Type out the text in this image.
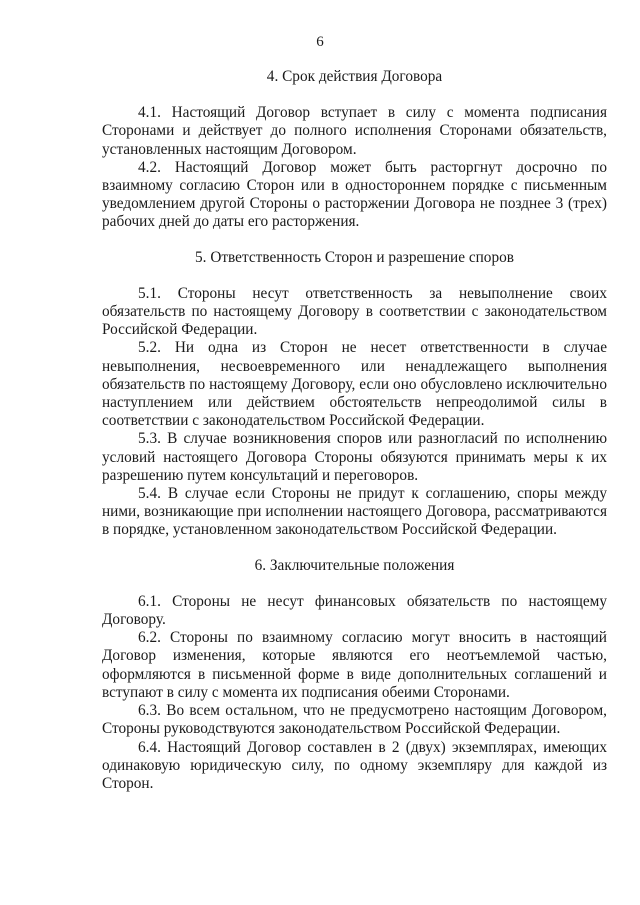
6
4. Срок действия Договора

4.1. Настоящий Договор вступает в силу с момента подписания Сторонами и действует до полного исполнения Сторонами обязательств, установленных настоящим Договором.

4.2. Настоящий Договор может быть расторгнут досрочно по взаимному согласию Сторон или в одностороннем порядке с письменным уведомлением другой Стороны о расторжении Договора не позднее 3 (трех) рабочих дней до даты его расторжения.

5. Ответственность Сторон и разрешение споров

5.1. Стороны несут ответственность за невыполнение своих обязательств по настоящему Договору в соответствии с законодательством Российской Федерации.

5.2. Ни одна из Сторон не несет ответственности в случае невыполнения, несвоевременного или ненадлежащего выполнения обязательств по настоящему Договору, если оно обусловлено исключительно наступлением или действием обстоятельств непреодолимой силы в соответствии с законодательством Российской Федерации.

5.3. В случае возникновения споров или разногласий по исполнению условий настоящего Договора Стороны обязуются принимать меры к их разрешению путем консультаций и переговоров.

5.4. В случае если Стороны не придут к соглашению, споры между ними, возникающие при исполнении настоящего Договора, рассматриваются в порядке, установленном законодательством Российской Федерации.

6. Заключительные положения

6.1. Стороны не несут финансовых обязательств по настоящему Договору.

6.2. Стороны по взаимному согласию могут вносить в настоящий Договор изменения, которые являются его неотъемлемой частью, оформляются в письменной форме в виде дополнительных соглашений и вступают в силу с момента их подписания обеими Сторонами.

6.3. Во всем остальном, что не предусмотрено настоящим Договором, Стороны руководствуются законодательством Российской Федерации.

6.4. Настоящий Договор составлен в 2 (двух) экземплярах, имеющих одинаковую юридическую силу, по одному экземпляру для каждой из Сторон.
